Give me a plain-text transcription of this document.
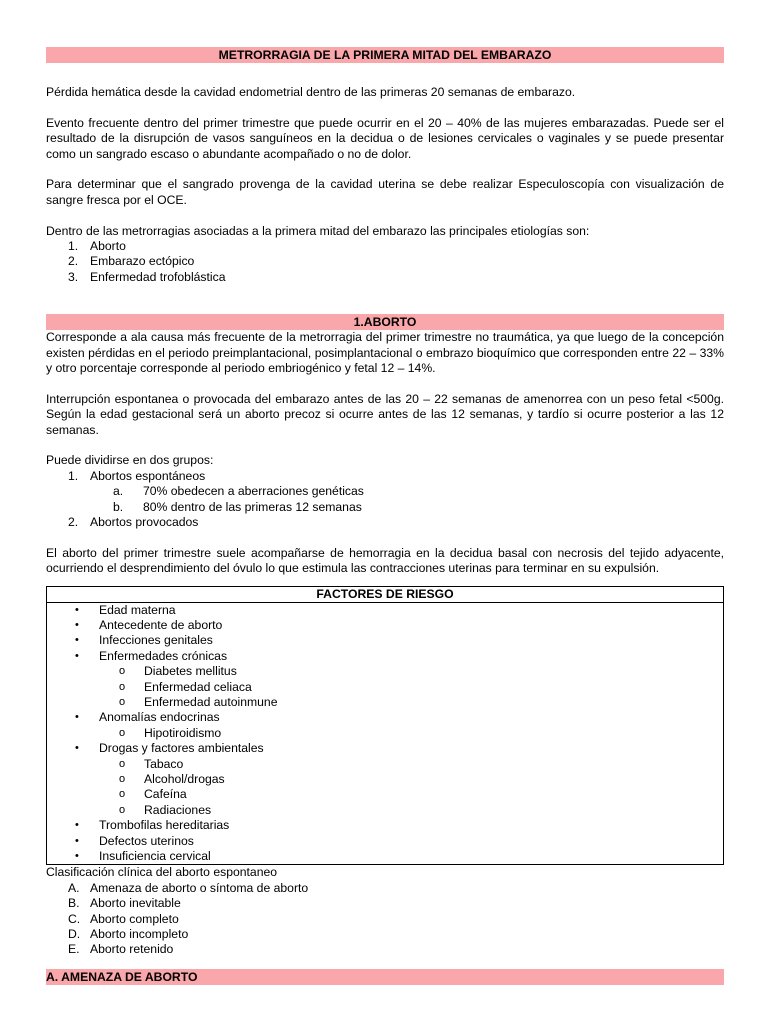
METRORRAGIA DE LA PRIMERA MITAD DEL EMBARAZO

Pérdida hemática desde la cavidad endometrial dentro de las primeras 20 semanas de embarazo.

Evento frecuente dentro del primer trimestre que puede ocurrir en el 20 – 40% de las mujeres embarazadas. Puede ser el resultado de la disrupción de vasos sanguíneos en la decidua o de lesiones cervicales o vaginales y se puede presentar como un sangrado escaso o abundante acompañado o no de dolor.

Para determinar que el sangrado provenga de la cavidad uterina se debe realizar Especuloscopía con visualización de sangre fresca por el OCE.

Dentro de las metrorragias asociadas a la primera mitad del embarazo las principales etiologías son:

1. Aborto
2. Embarazo ectópico
3. Enfermedad trofoblástica
1.ABORTO

Corresponde a ala causa más frecuente de la metrorragia del primer trimestre no traumática, ya que luego de la concepción existen pérdidas en el periodo preimplantacional, posimplantacional o embrazo bioquímico que corresponden entre 22 – 33% y otro porcentaje corresponde al periodo embriogénico y fetal 12 – 14%.

Interrupción espontanea o provocada del embarazo antes de las 20 – 22 semanas de amenorrea con un peso fetal <500g. Según la edad gestacional será un aborto precoz si ocurre antes de las 12 semanas, y tardío si ocurre posterior a las 12 semanas.

Puede dividirse en dos grupos:

1. Abortos espontáneos
a. 70% obedecen a aberraciones genéticas
b. 80% dentro de las primeras 12 semanas
2. Abortos provocados

El aborto del primer trimestre suele acompañarse de hemorragia en la decidua basal con necrosis del tejido adyacente, ocurriendo el desprendimiento del óvulo lo que estimula las contracciones uterinas para terminar en su expulsión.

FACTORES DE RIESGO
• Edad materna
• Antecedente de aborto
• Infecciones genitales
• Enfermedades crónicas
o Diabetes mellitus
o Enfermedad celiaca
o Enfermedad autoinmune
• Anomalías endocrinas
o Hipotiroidismo
• Drogas y factores ambientales
o Tabaco
o Alcohol/drogas
o Cafeína
o Radiaciones
• Trombofilas hereditarias
• Defectos uterinos
• Insuficiencia cervical

Clasificación clínica del aborto espontaneo

A. Amenaza de aborto o síntoma de aborto
B. Aborto inevitable
C. Aborto completo
D. Aborto incompleto
E. Aborto retenido
A. AMENAZA DE ABORTO
